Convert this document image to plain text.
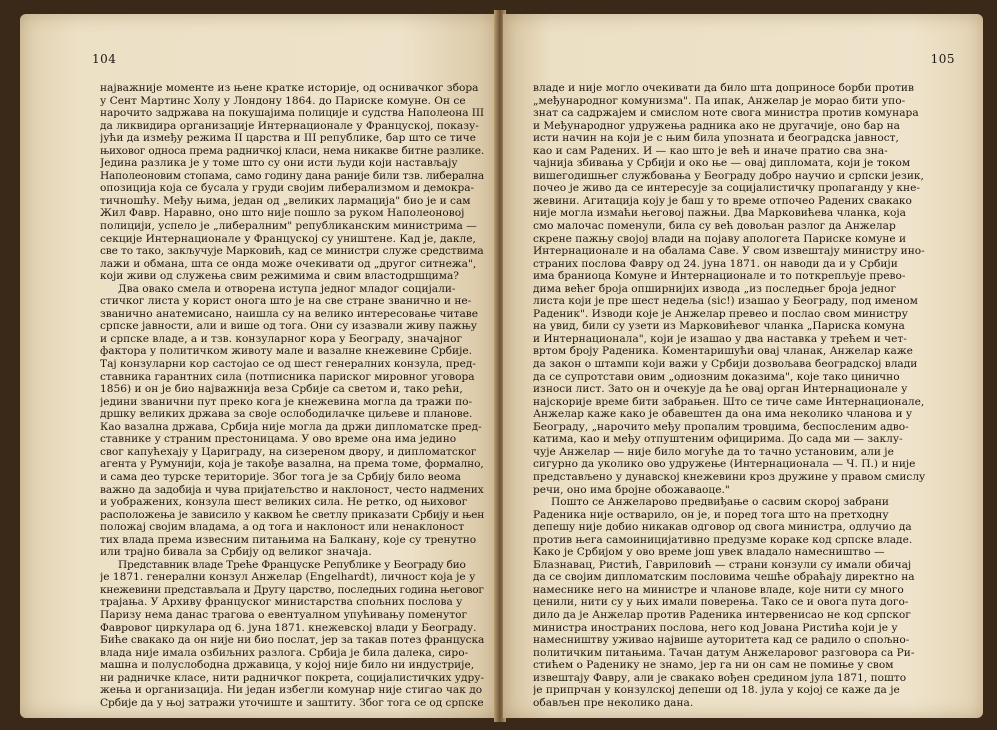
104
најважније моменте из њене кратке историје, од оснивачког збора
у Сент Мартинс Холу у Лондону 1864. до Париске комуне. Он се
нарочито задржава на покушајима полиције и судства Наполеона III
да ликвидира организације Интернационале у Француској, показу-
јући да између режима II царства и III републике, бар што се тиче
њиховог односа према радничкој класи, нема никакве битне разлике.
Једина разлика је у томе што су они исти људи који настављају
Наполеоновим стопама, само годину дана раније били тзв. либерална
опозиција која се бусала у груди својим либерализмом и демокра-
тичношћу. Међу њима, један од „великих лармација" био је и сам
Жил Фавр. Наравно, оно што није пошло за руком Наполеоновој
полицији, успело је „либералним" републиканским министрима —
секције Интернационале у Француској су уништене. Кад је, дакле,
све то тако, закључује Марковић, кад се министри служе средствима
лажи и обмана, шта се онда може очекивати од „другог ситнежа",
који живи од служења свим режимима и свим властодршцима?
Два овако смела и отворена иступа једног младог социјали-
стичког листа у корист онога што је на све стране званично и не-
званично анатемисано, наишла су на велико интересовање читаве
српске јавности, али и више од тога. Они су изазвали живу пажњу
и српске владе, а и тзв. конзуларног кора у Београду, значајног
фактора у политичком животу мале и вазалне кнежевине Србије.
Тај конзуларни кор састојао се од шест генералних конзула, пред-
ставника гарантних сила (потписника париског мировног уговора
1856) и он је био најважнија веза Србије са светом и, тако рећи,
једини званични пут преко кога је кнежевина могла да тражи по-
дршку великих држава за своје ослободилачке циљеве и планове.
Као вазална држава, Србија није могла да држи дипломатске пред-
ставнике у страним престоницама. У ово време она има једино
свог капућехају у Цариграду, на сизереном двору, и дипломатског
агента у Румунији, која је такође вазална, на према томе, формално,
и сама део турске територије. Због тога је за Србију било веома
важно да задобија и чува пријатељство и наклоност, често надмених
и уображених, конзула шест великих сила. Не ретко, од њиховог
расположења је зависило у каквом ће светлу приказати Србију и њен
положај својим владама, а од тога и наклоност или ненаклоност
тих влада према извесним питањима на Балкану, које су тренутно
или трајно бивала за Србију од великог значаја.
Представник владе Треће Француске Републике у Београду био
је 1871. генерални конзул Анжелар (Engelhardt), личност која је у
кнежевини представљала и Другу царство, последњих година његовог
трајања. У Архиву француског министарства спољних послова у
Паризу нема данас трагова о евентуалном упућивању поменутог
Фавровог циркулара од 6. јуна 1871. кнежевској влади у Београду.
Биће свакако да он није ни био послат, јер за такав потез француска
влада није имала озбиљних разлога. Србија је била далека, сиро-
машна и полуслободна државица, у којој није било ни индустрије,
ни радничке класе, нити радничког покрета, социјалистичких удру-
жења и организација. Ни један избегли комунар није стигао чак до
Србије да у њој затражи уточиште и заштиту. Због тога се од српске
105
владе и није могло очекивати да било шта доприносе борби против
„међународног комунизма". Па ипак, Анжелар је морао бити упо-
знат са садржајем и смислом ноте свога министра против комунара
и Међународног удружења радника ако не другачије, оно бар на
исти начин на који је с њим била упозната и београдска јавност,
као и сам Радених. И — као што је већ и иначе пратио сва зна-
чајнија збивања у Србији и око ње — овај дипломата, који је током
вишегодишњег службовања у Београду добро научио и српски језик,
почео је живо да се интересује за социјалистичку пропаганду у кне-
жевини. Агитација коју је баш у то време отпочео Радених свакако
није могла измаћи његовој пажњи. Два Марковићева чланка, која
смо малочас поменули, била су већ довољан разлог да Анжелар
скрене пажњу својој влади на појаву апологета Париске комуне и
Интернационале и на обалама Саве. У свом извештају министру ино-
страних послова Фавру од 24. јуна 1871. он наводи да и у Србији
има браниоца Комуне и Интернационале и то поткрепљује прево-
дима већег броја опширнијих извода „из последњег броја једног
листа који је пре шест недеља (sic!) изашао у Београду, под именом
Раденик". Изводи које је Анжелар превео и послао свом министру
на увид, били су узети из Марковићевог чланка „Париска комуна
и Интернационала", који је изашао у два наставка у трећем и чет-
вртом броју Раденика. Коментаришући овај чланак, Анжелар каже
да закон о штампи који важи у Србији дозвољава београдској влади
да се супротстави овим „одиозним доказима", које тако цинично
износи лист. Зато он и очекује да ће овај орган Интернационале у
најскорије време бити забрањен. Што се тиче саме Интернационале,
Анжелар каже како је обавештен да она има неколико чланова и у
Београду, „нарочито међу пропалим тровџима, беспосленим адво-
катима, као и међу отпуштеним официрима. До сада ми — заклу-
чује Анжелар — није било могуће да то тачно установим, али је
сигурно да уколико ово удружење (Интернационала — Ч. П.) и није
представљено у дунавској кнежевини кроз дружине у правом смислу
речи, оно има бројне обожаваоце."
Пошто се Анжеларово предвиђање о сасвим скорој забрани
Раденика није остварило, он је, и поред тога што на претходну
депешу није добио никакав одговор од свога министра, одлучио да
против њега самоиницијативно предузме кораке код српске владе.
Како је Србијом у ово време још увек владало намесништво —
Блазнавац, Ристић, Гавриловић — страни конзули су имали обичај
да се својим дипломатским пословима чешће обраћају директно на
намеснике него на министре и чланове владе, које нити су много
ценили, нити су у њих имали поверења. Тако се и овога пута дого-
дило да је Анжелар против Раденика интервенисао не код српског
министра иностраних послова, него код Јована Ристића који је у
намесништву уживао највише ауторитета кад се радило о спољно-
политичким питањима. Тачан датум Анжеларовог разговора са Ри-
стићем о Раденику не знамо, јер га ни он сам не помиње у свом
извештају Фавру, али је свакако вођен средином јула 1871, пошто
је припрчан у конзулској депеши од 18. јула у којој се каже да је
обављен пре неколико дана.
